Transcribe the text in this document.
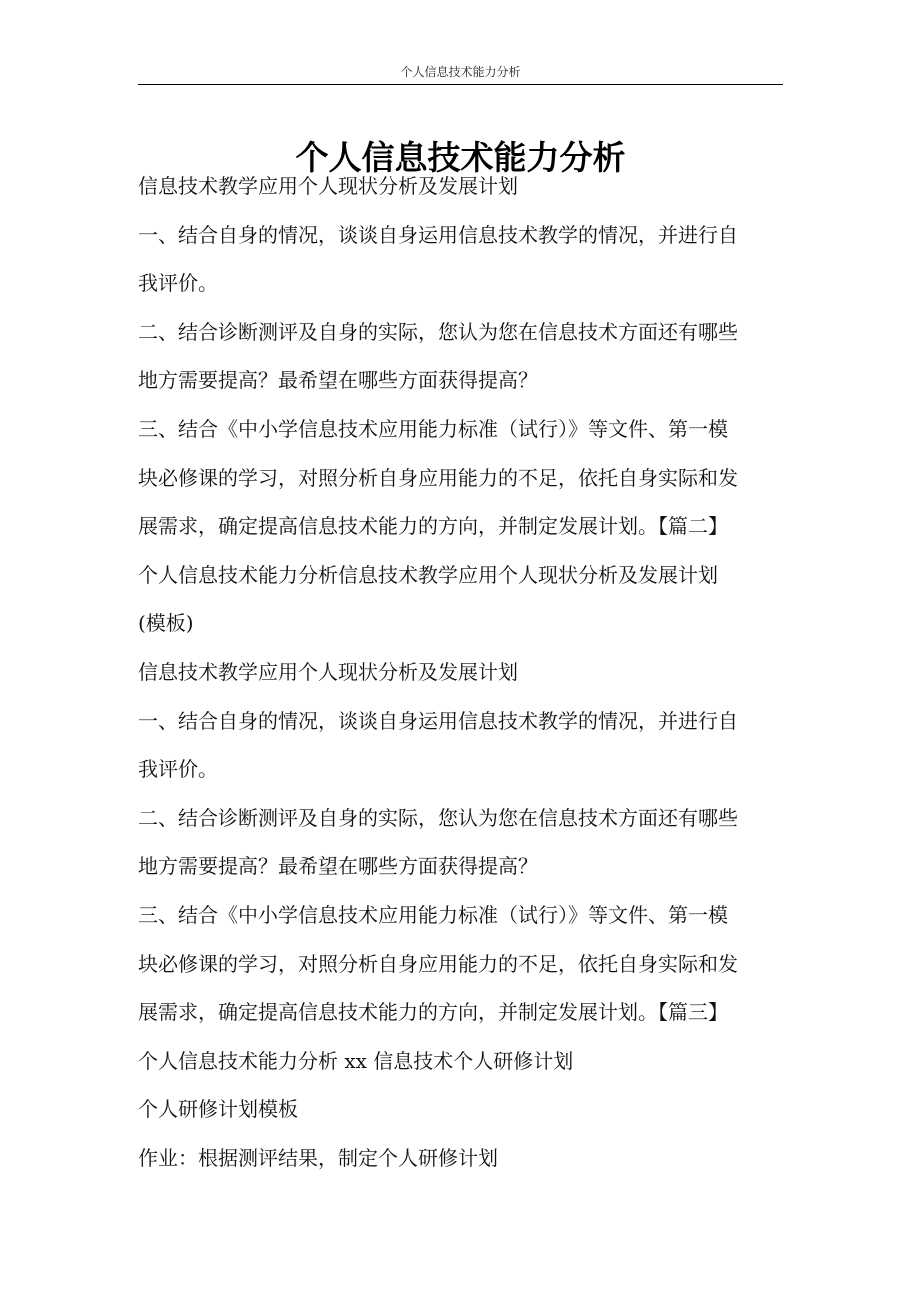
个人信息技术能力分析
个人信息技术能力分析

信息技术教学应用个人现状分析及发展计划

一、结合自身的情况，谈谈自身运用信息技术教学的情况，并进行自

我评价。

二、结合诊断测评及自身的实际，您认为您在信息技术方面还有哪些

地方需要提高？最希望在哪些方面获得提高？

三、结合《中小学信息技术应用能力标准（试行）》等文件、第一模

块必修课的学习，对照分析自身应用能力的不足，依托自身实际和发

展需求，确定提高信息技术能力的方向，并制定发展计划。【篇二】

个人信息技术能力分析信息技术教学应用个人现状分析及发展计划

(模板)

信息技术教学应用个人现状分析及发展计划

一、结合自身的情况，谈谈自身运用信息技术教学的情况，并进行自

我评价。

二、结合诊断测评及自身的实际，您认为您在信息技术方面还有哪些

地方需要提高？最希望在哪些方面获得提高？

三、结合《中小学信息技术应用能力标准（试行）》等文件、第一模

块必修课的学习，对照分析自身应用能力的不足，依托自身实际和发

展需求，确定提高信息技术能力的方向，并制定发展计划。【篇三】

个人信息技术能力分析 xx 信息技术个人研修计划

个人研修计划模板

作业：根据测评结果，制定个人研修计划
